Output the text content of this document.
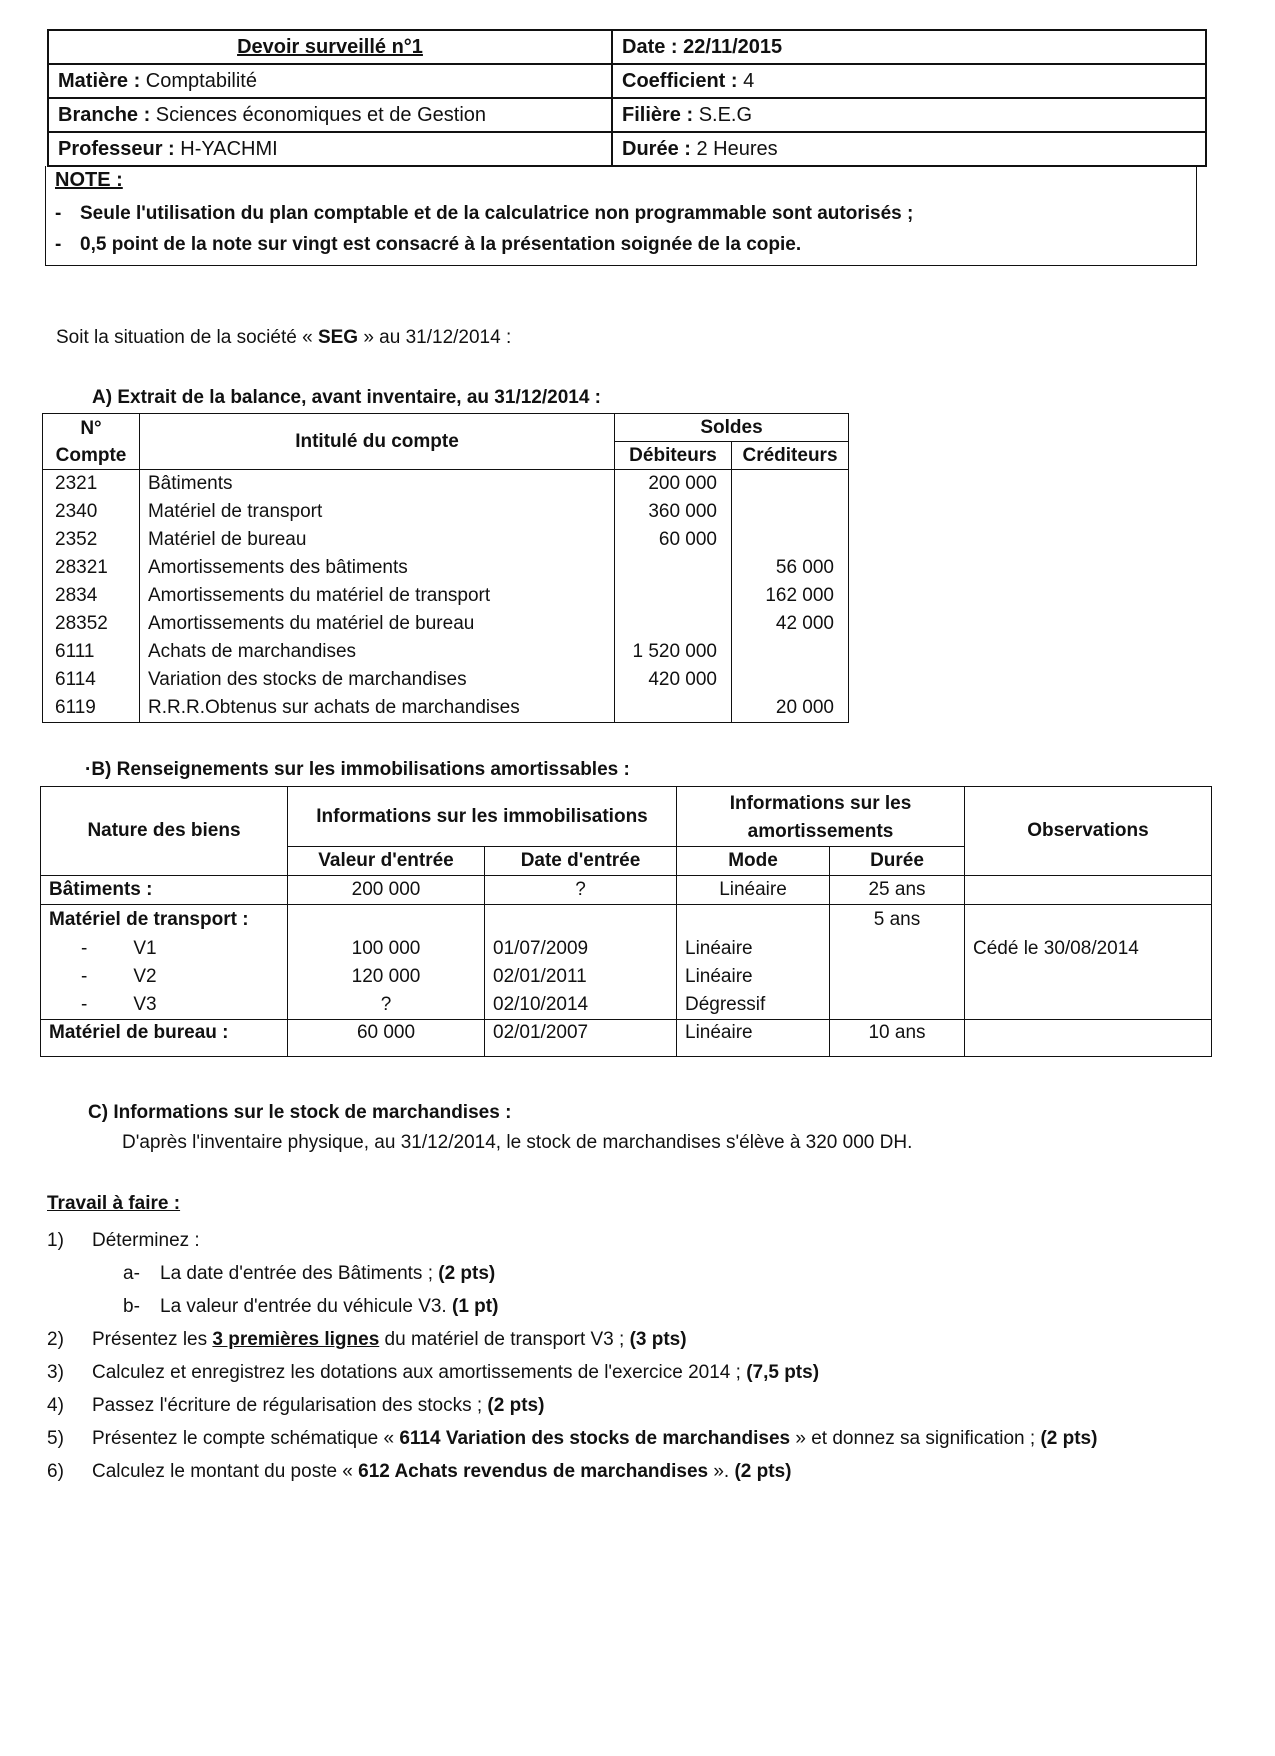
Devoir surveillé n°1	Date : 22/11/2015
Matière : Comptabilité	Coefficient : 4
Branche : Sciences économiques et de Gestion	Filière : S.E.G
Professeur : H-YACHMI	Durée : 2 Heures
NOTE :
- Seule l'utilisation du plan comptable et de la calculatrice non programmable sont autorisés ;
- 0,5 point de la note sur vingt est consacré à la présentation soignée de la copie.
Soit la situation de la société « SEG » au 31/12/2014 :
A) Extrait de la balance, avant inventaire, au 31/12/2014 :
N°
Compte	Intitulé du compte	Soldes	
		Débiteurs	Créditeurs
2321	Bâtiments	200 000	
2340	Matériel de transport	360 000	
2352	Matériel de bureau	60 000	
28321	Amortissements des bâtiments		56 000
2834	Amortissements du matériel de transport		162 000
28352	Amortissements du matériel de bureau		42 000
6111	Achats de marchandises	1 520 000	
6114	Variation des stocks de marchandises	420 000	
6119	R.R.R.Obtenus sur achats de marchandises		20 000
·B) Renseignements sur les immobilisations amortissables :
Nature des biens	Informations sur les immobilisations		Informations sur les amortissements		Observations
	Valeur d'entrée	Date d'entrée	Mode	Durée	
Bâtiments :	200 000	?	Linéaire	25 ans	
Matériel de transport :				5 ans	
- V1	100 000	01/07/2009	Linéaire		Cédé le 30/08/2014
- V2	120 000	02/01/2011	Linéaire		
- V3	?	02/10/2014	Dégressif		
Matériel de bureau :	60 000	02/01/2007	Linéaire	10 ans	
C) Informations sur le stock de marchandises :
D'après l'inventaire physique, au 31/12/2014, le stock de marchandises s'élève à 320 000 DH.
Travail à faire :
1) Déterminez :
a- La date d'entrée des Bâtiments ; (2 pts)
b- La valeur d'entrée du véhicule V3. (1 pt)
2) Présentez les 3 premières lignes du matériel de transport V3 ; (3 pts)
3) Calculez et enregistrez les dotations aux amortissements de l'exercice 2014 ; (7,5 pts)
4) Passez l'écriture de régularisation des stocks ; (2 pts)
5) Présentez le compte schématique « 6114 Variation des stocks de marchandises » et donnez sa signification ; (2 pts)
6) Calculez le montant du poste « 612 Achats revendus de marchandises ». (2 pts)
